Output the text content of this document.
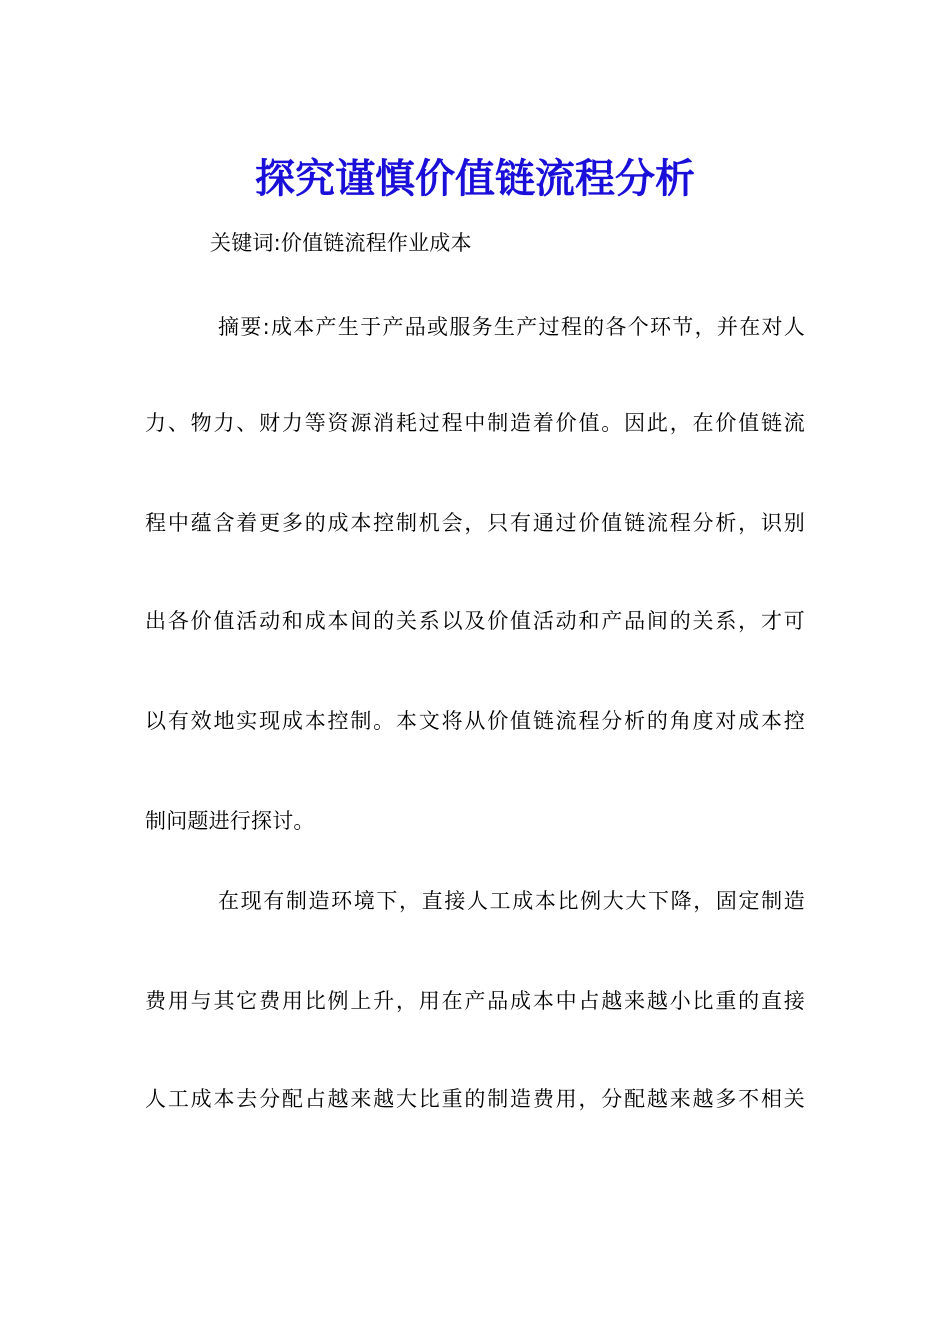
探究谨慎价值链流程分析
关键词:价值链流程作业成本
摘要:成本产生于产品或服务生产过程的各个环节，并在对人
力、物力、财力等资源消耗过程中制造着价值。因此，在价值链流
程中蕴含着更多的成本控制机会，只有通过价值链流程分析，识别
出各价值活动和成本间的关系以及价值活动和产品间的关系，才可
以有效地实现成本控制。本文将从价值链流程分析的角度对成本控
制问题进行探讨。
在现有制造环境下，直接人工成本比例大大下降，固定制造
费用与其它费用比例上升，用在产品成本中占越来越小比重的直接
人工成本去分配占越来越大比重的制造费用，分配越来越多不相关
